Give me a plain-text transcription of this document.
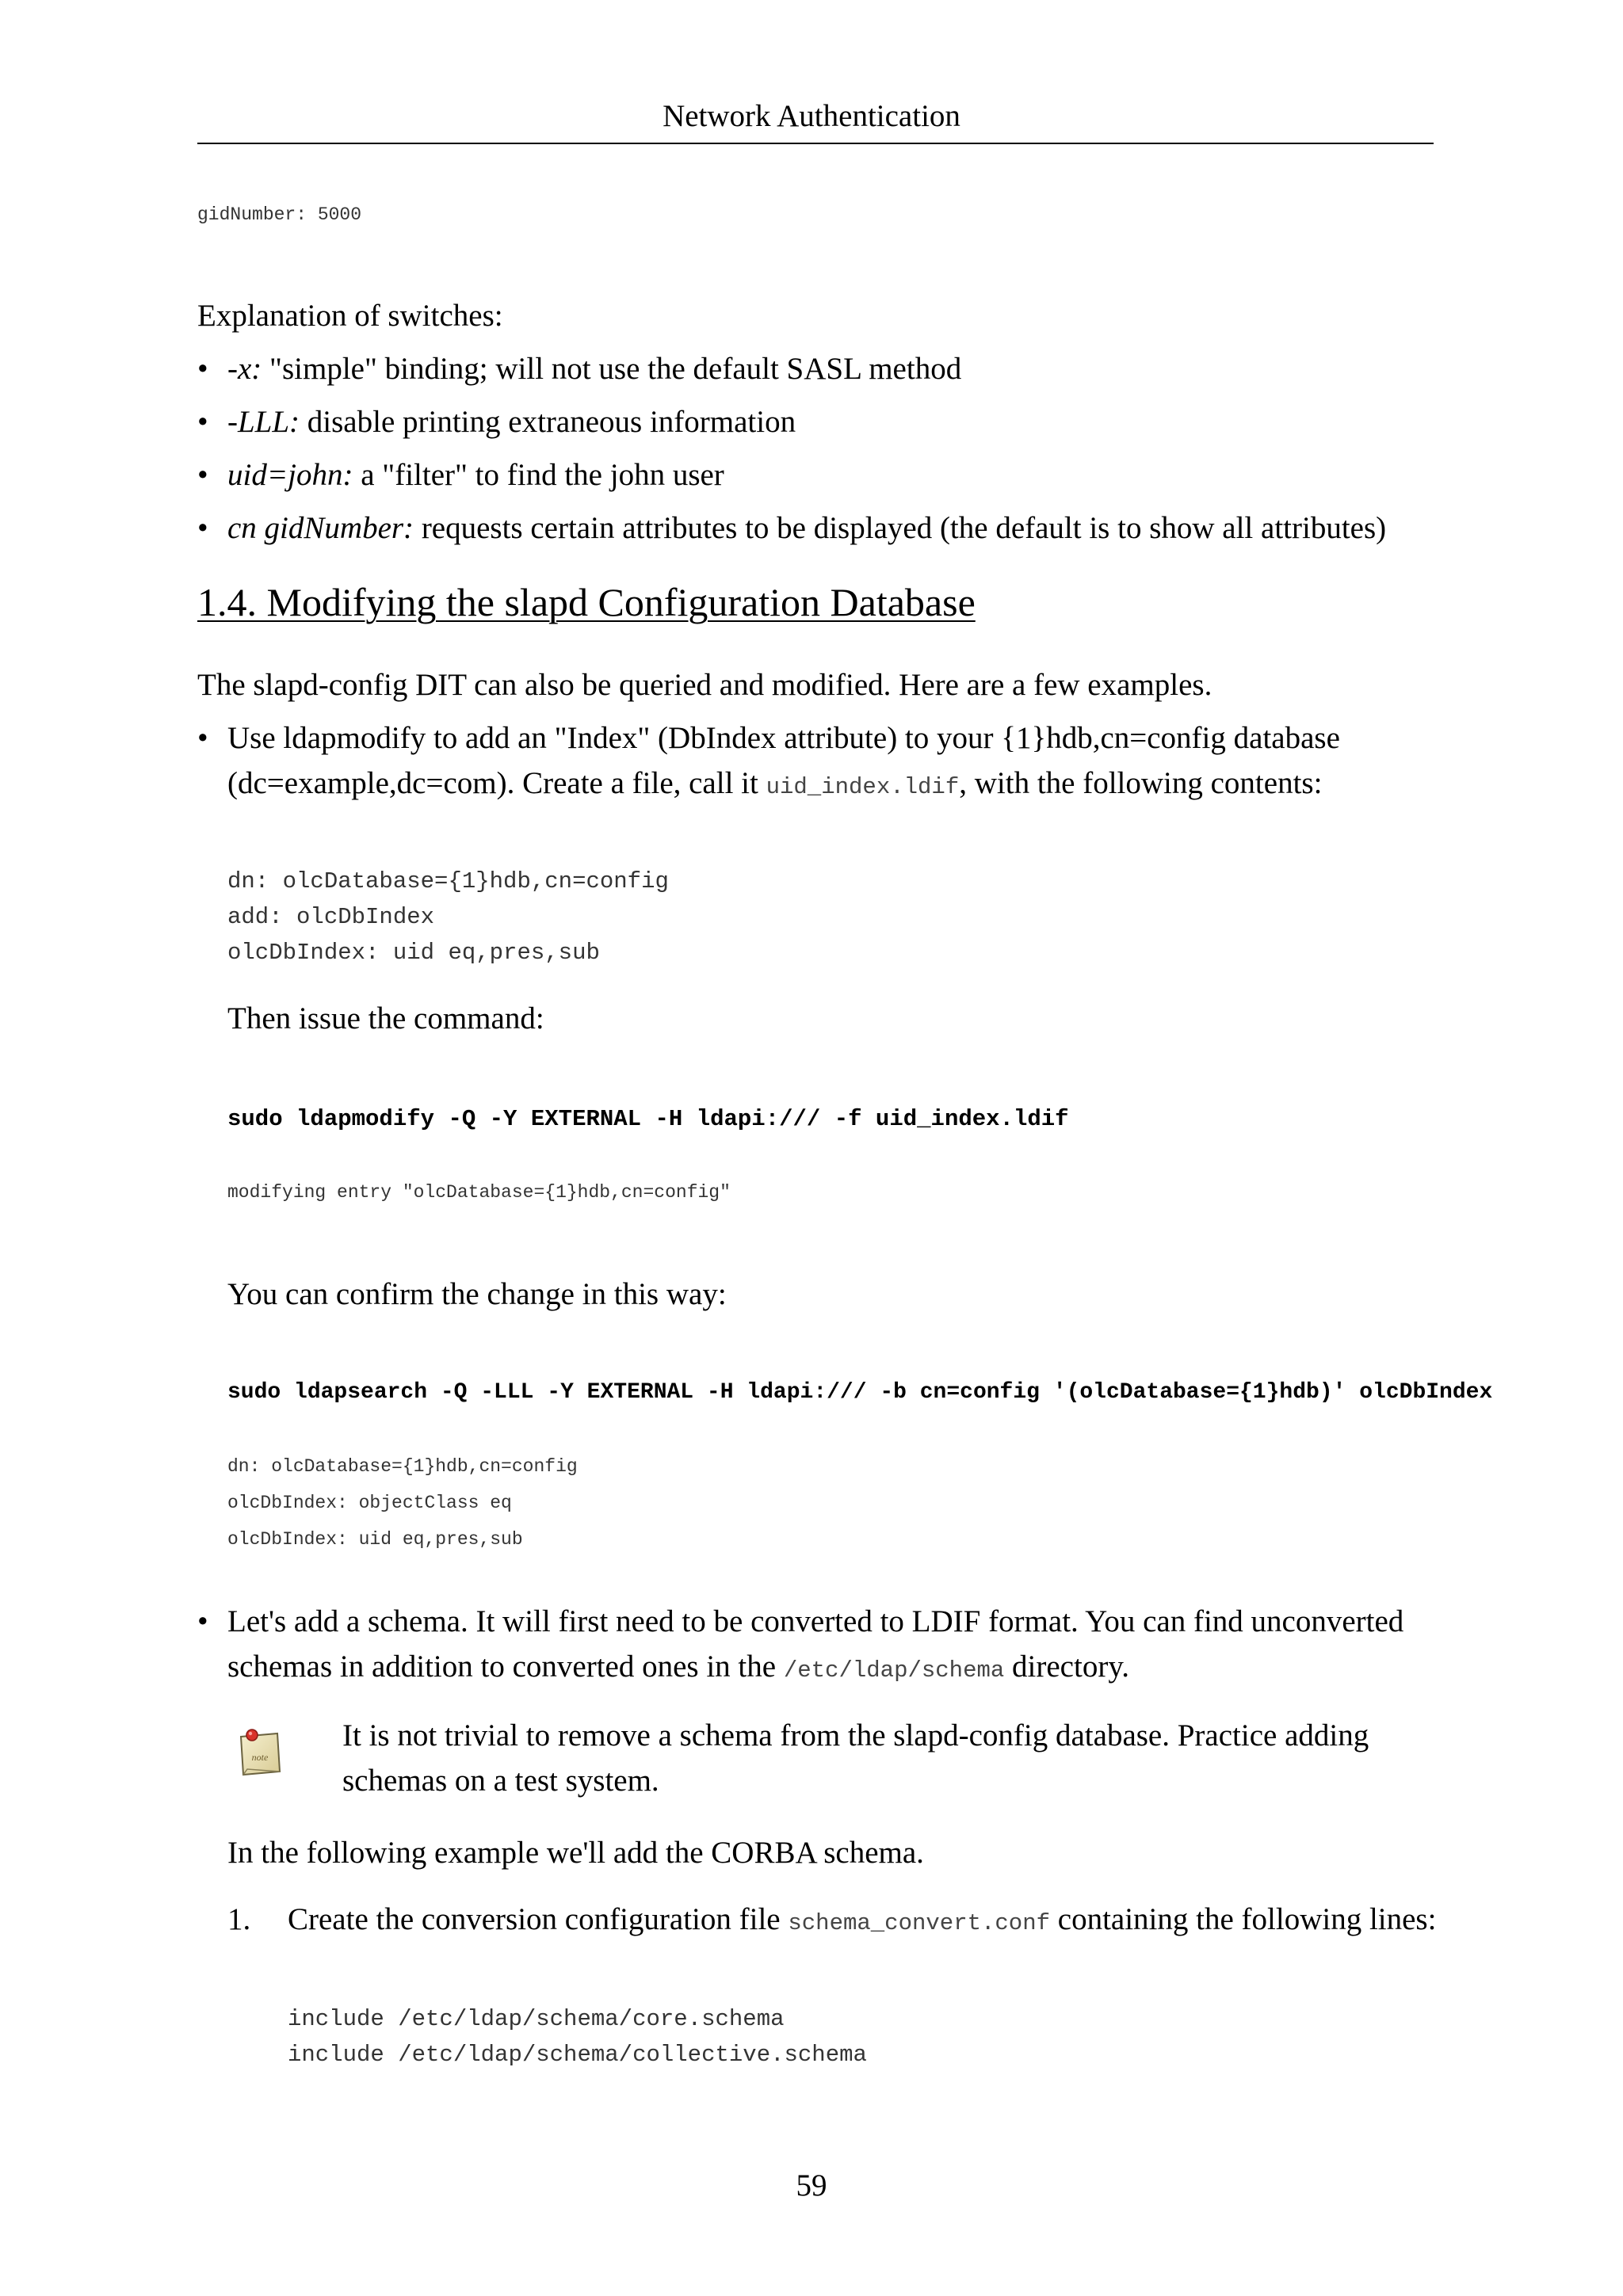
Network Authentication
gidNumber: 5000
Explanation of switches:
• -x: "simple" binding; will not use the default SASL method
• -LLL: disable printing extraneous information
• uid=john: a "filter" to find the john user
• cn gidNumber: requests certain attributes to be displayed (the default is to show all attributes)
1.4. Modifying the slapd Configuration Database
The slapd-config DIT can also be queried and modified. Here are a few examples.
• Use ldapmodify to add an "Index" (DbIndex attribute) to your {1}hdb,cn=config database
(dc=example,dc=com). Create a file, call it uid_index.ldif, with the following contents:
dn: olcDatabase={1}hdb,cn=config
add: olcDbIndex
olcDbIndex: uid eq,pres,sub
Then issue the command:
sudo ldapmodify -Q -Y EXTERNAL -H ldapi:/// -f uid_index.ldif
modifying entry "olcDatabase={1}hdb,cn=config"
You can confirm the change in this way:
sudo ldapsearch -Q -LLL -Y EXTERNAL -H ldapi:/// -b cn=config '(olcDatabase={1}hdb)' olcDbIndex
dn: olcDatabase={1}hdb,cn=config
olcDbIndex: objectClass eq
olcDbIndex: uid eq,pres,sub
• Let's add a schema. It will first need to be converted to LDIF format. You can find unconverted
schemas in addition to converted ones in the /etc/ldap/schema directory.
note
It is not trivial to remove a schema from the slapd-config database. Practice adding
schemas on a test system.
In the following example we'll add the CORBA schema.
1. Create the conversion configuration file schema_convert.conf containing the following lines:
include /etc/ldap/schema/core.schema
include /etc/ldap/schema/collective.schema
59
